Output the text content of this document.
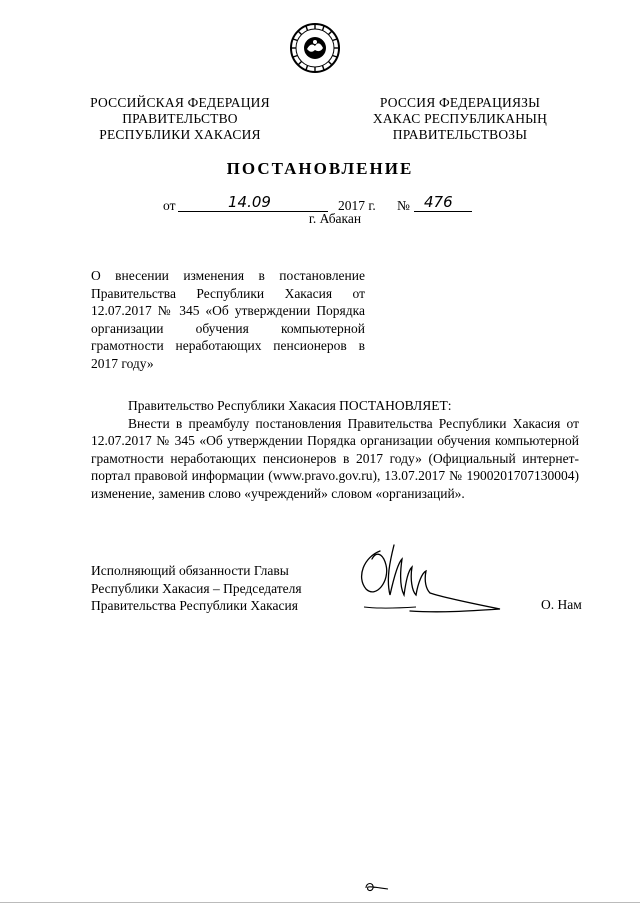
РОССИЙСКАЯ ФЕДЕРАЦИЯ
ПРАВИТЕЛЬСТВО
РЕСПУБЛИКИ ХАКАСИЯ
РОССИЯ ФЕДЕРАЦИЯЗЫ
ХАКАС РЕСПУБЛИКАНЫҢ
ПРАВИТЕЛЬСТВОЗЫ
ПОСТАНОВЛЕНИЕ
от	14.09	2017 г. № 476
г. Абакан
О внесении изменения в постановление Правительства Республики Хакасия от 12.07.2017 № 345 «Об утверждении Порядка организации обучения компьютерной грамотности неработающих пенсионеров в 2017 году»
Правительство Республики Хакасия ПОСТАНОВЛЯЕТ:
Внести в преамбулу постановления Правительства Республики Хакасия от 12.07.2017 № 345 «Об утверждении Порядка организации обучения компьютерной грамотности неработающих пенсионеров в 2017 году» (Официальный интернет-портал правовой информации (www.pravo.gov.ru), 13.07.2017 № 1900201707130004) изменение, заменив слово «учреждений» словом «организаций».
Исполняющий обязанности Главы
Республики Хакасия – Председателя
Правительства Республики Хакасия	О. Нам
